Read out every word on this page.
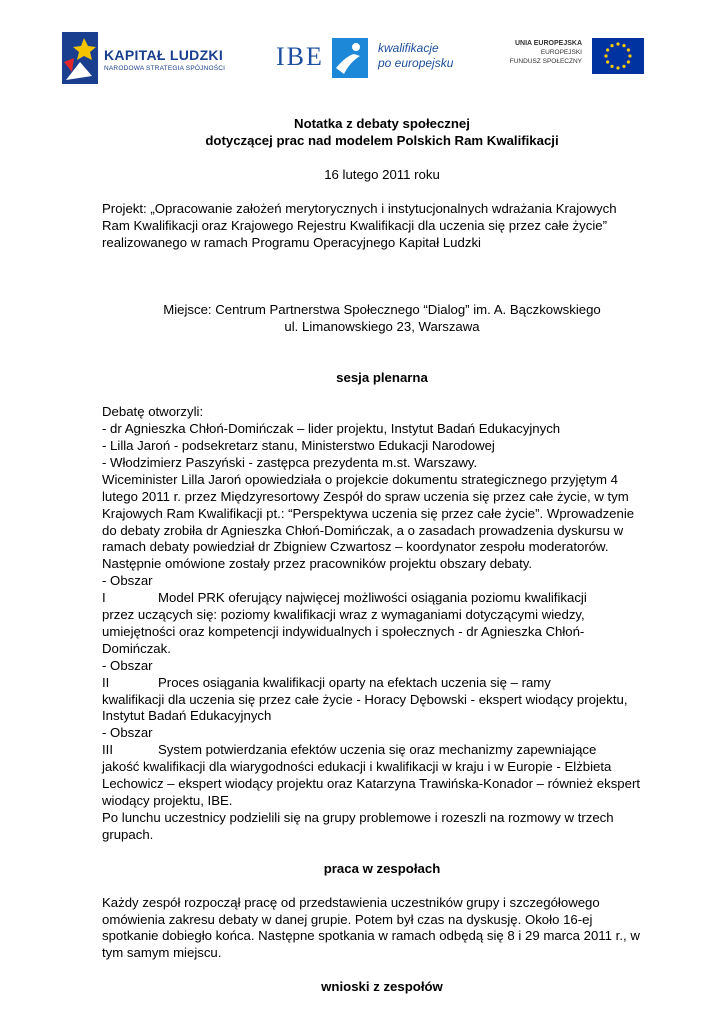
KAPITAŁ LUDZKI
NARODOWA STRATEGIA SPÓJNOŚCI IBE	kwalifikacje
po europejsku
UNIA EUROPEJSKA
EUROPEJSKI
FUNDUSZ SPOŁECZNY

Notatka z debaty społecznej

dotyczącej prac nad modelem Polskich Ram Kwalifikacji

16 lutego 2011 roku

Projekt: „Opracowanie założeń merytorycznych i instytucjonalnych wdrażania Krajowych

Ram Kwalifikacji oraz Krajowego Rejestru Kwalifikacji dla uczenia się przez całe życie”

realizowanego w ramach Programu Operacyjnego Kapitał Ludzki

Miejsce: Centrum Partnerstwa Społecznego “Dialog” im. A. Bączkowskiego

ul. Limanowskiego 23, Warszawa

sesja plenarna

Debatę otworzyli:

- dr Agnieszka Chłoń-Domińczak – lider projektu, Instytut Badań Edukacyjnych

- Lilla Jaroń - podsekretarz stanu, Ministerstwo Edukacji Narodowej

- Włodzimierz Paszyński - zastępca prezydenta m.st. Warszawy.

Wiceminister Lilla Jaroń opowiedziała o projekcie dokumentu strategicznego przyjętym 4

lutego 2011 r. przez Międzyresortowy Zespół do spraw uczenia się przez całe życie, w tym

Krajowych Ram Kwalifikacji pt.: “Perspektywa uczenia się przez całe życie”. Wprowadzenie

do debaty zrobiła dr Agnieszka Chłoń-Domińczak, a o zasadach prowadzenia dyskursu w

ramach debaty powiedział dr Zbigniew Czwartosz – koordynator zespołu moderatorów.

Następnie omówione zostały przez pracowników projektu obszary debaty.

- Obszar I	Model PRK oferujący najwięcej możliwości osiągania poziomu kwalifikacji

przez uczących się: poziomy kwalifikacji wraz z wymaganiami dotyczącymi wiedzy,

umiejętności oraz kompetencji indywidualnych i społecznych - dr Agnieszka Chłoń-

Domińczak.

- Obszar II	Proces osiągania kwalifikacji oparty na efektach uczenia się – ramy

kwalifikacji dla uczenia się przez całe życie - Horacy Dębowski - ekspert wiodący projektu,

Instytut Badań Edukacyjnych

- Obszar III	System potwierdzania efektów uczenia się oraz mechanizmy zapewniające

jakość kwalifikacji dla wiarygodności edukacji i kwalifikacji w kraju i w Europie - Elżbieta

Lechowicz – ekspert wiodący projektu oraz Katarzyna Trawińska-Konador – również ekspert

wiodący projektu, IBE.

Po lunchu uczestnicy podzielili się na grupy problemowe i rozeszli na rozmowy w trzech

grupach.

praca w zespołach

Każdy zespół rozpoczął pracę od przedstawienia uczestników grupy i szczegółowego

omówienia zakresu debaty w danej grupie. Potem był czas na dyskusję. Około 16-ej

spotkanie dobiegło końca. Następne spotkania w ramach odbędą się 8 i 29 marca 2011 r., w

tym samym miejscu.

wnioski z zespołów
